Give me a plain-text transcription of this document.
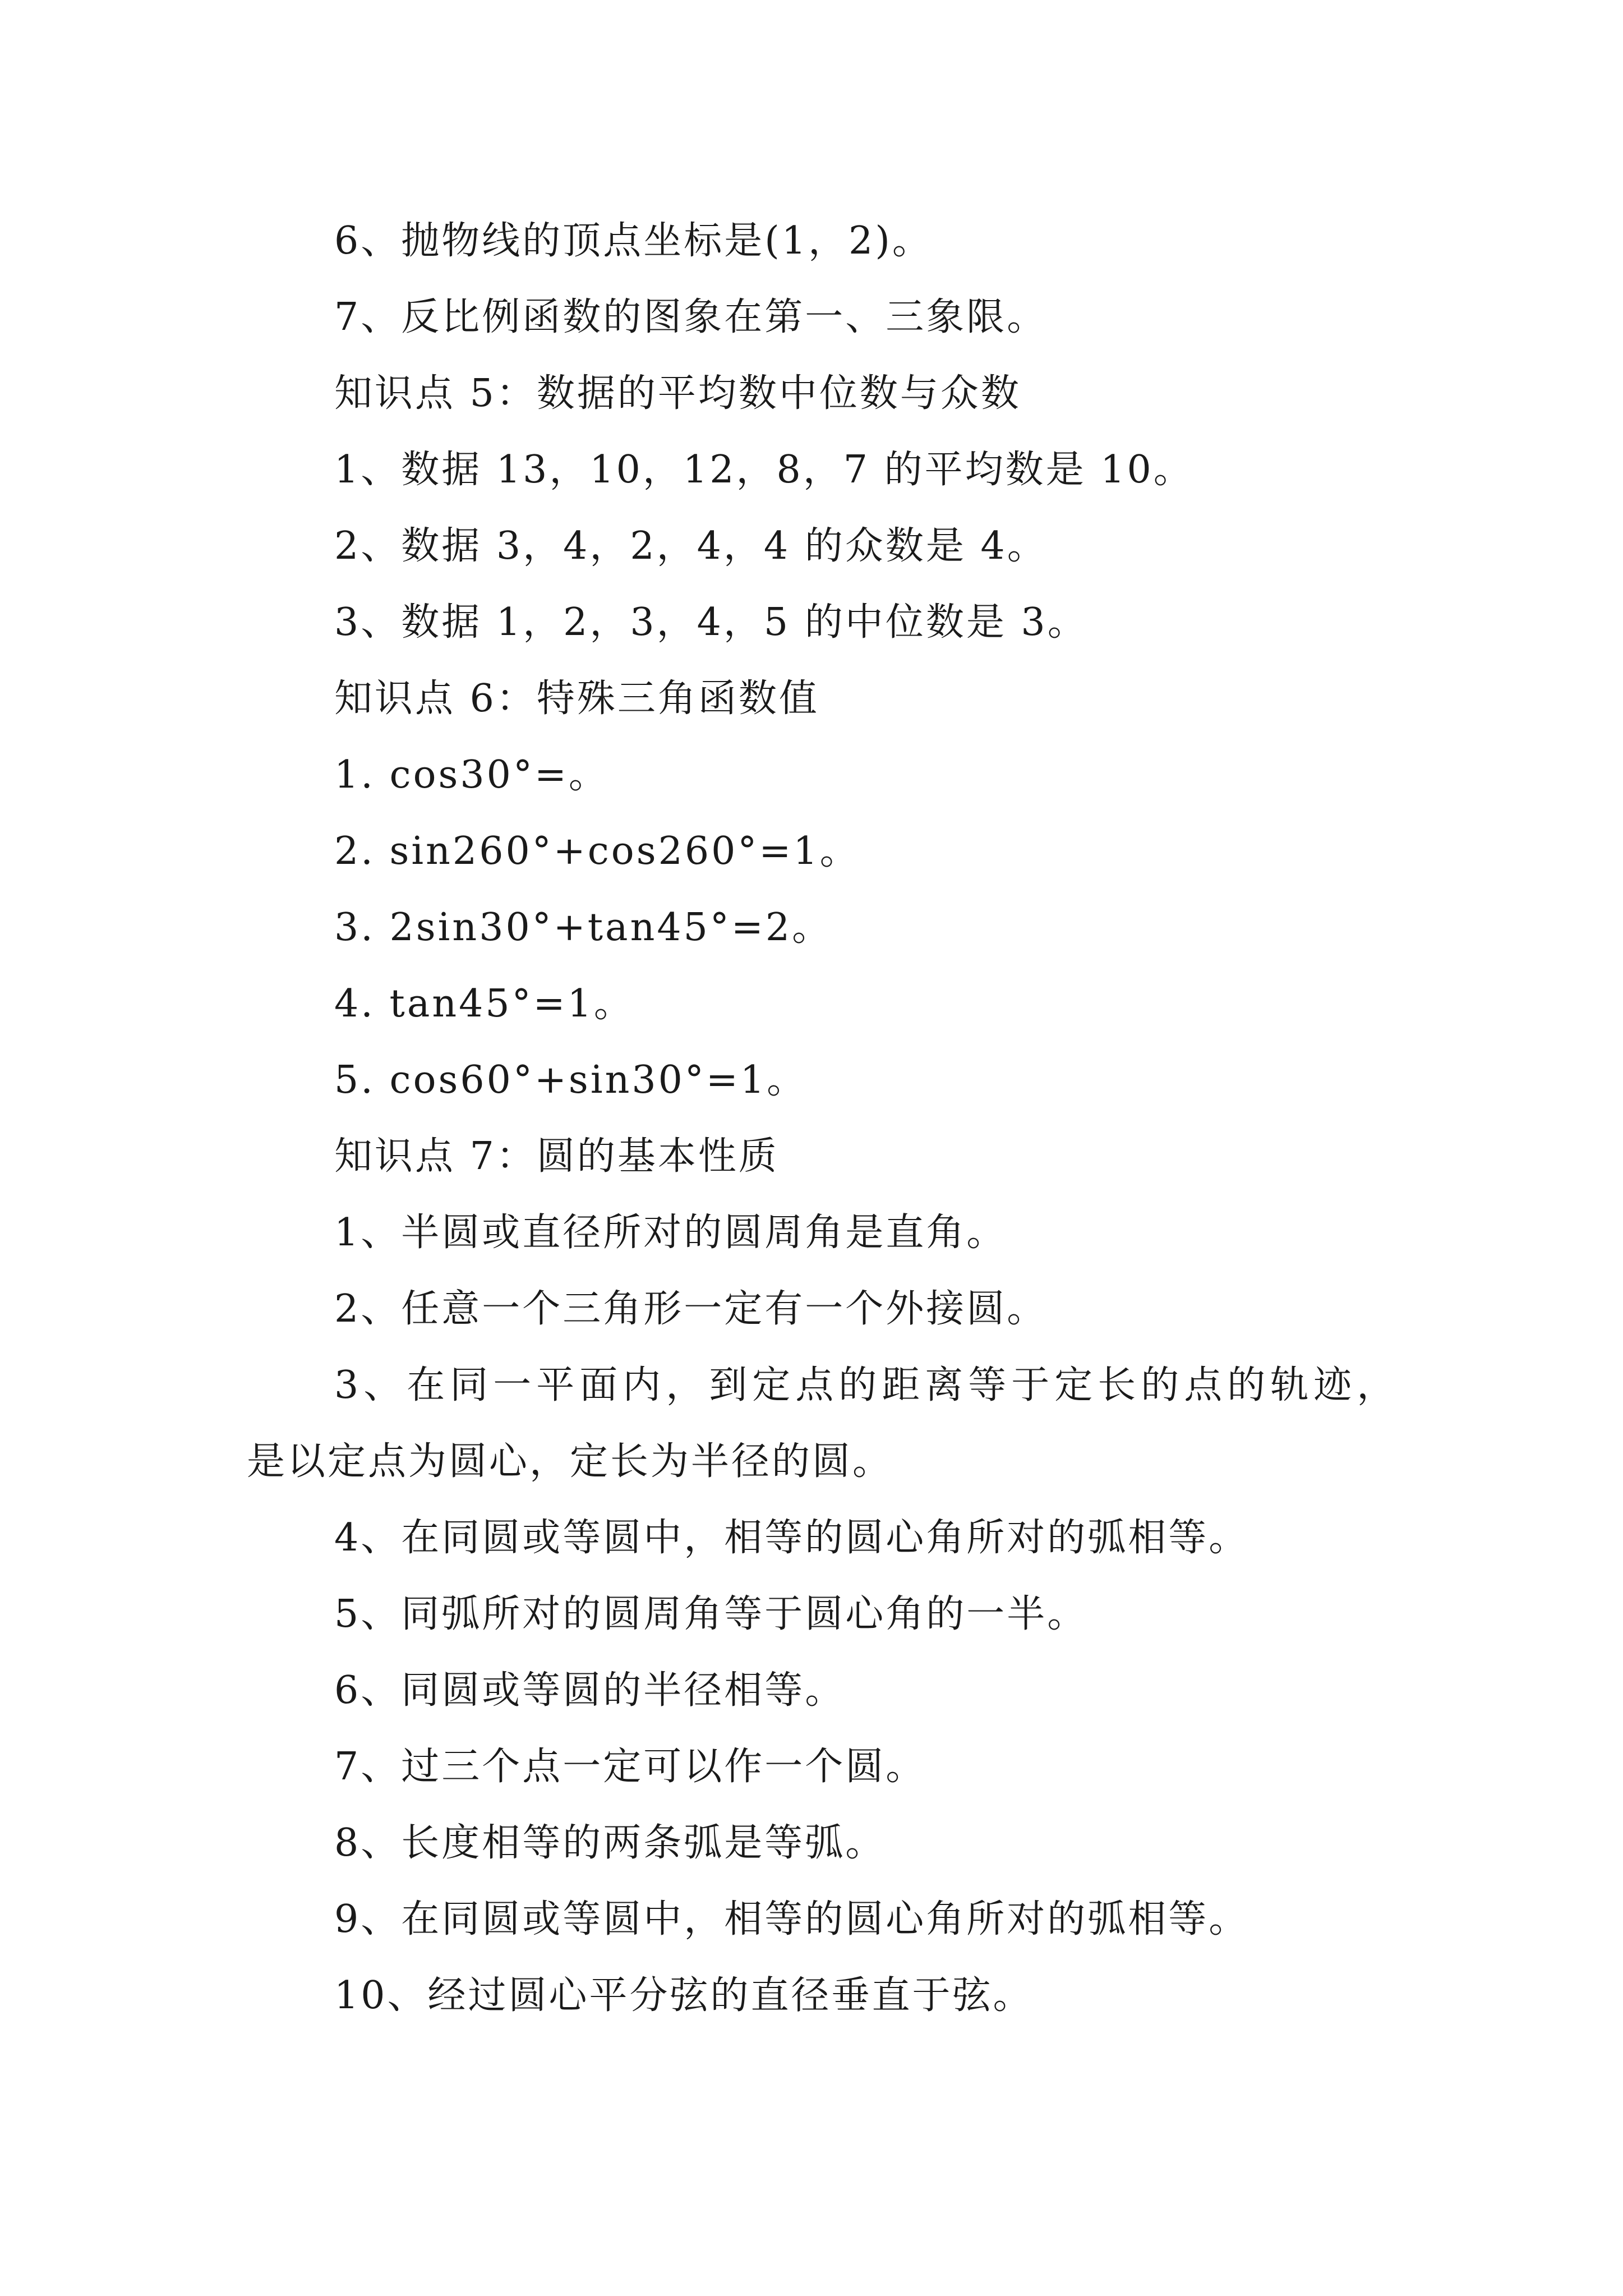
6、抛物线的顶点坐标是(1，2)。
7、反比例函数的图象在第一、三象限。
知识点 5：数据的平均数中位数与众数
1、数据 13，10，12，8，7 的平均数是 10。
2、数据 3，4，2，4，4 的众数是 4。
3、数据 1，2，3，4，5 的中位数是 3。
知识点 6：特殊三角函数值
1. cos30°=。
2. sin260°+cos260°=1。
3. 2sin30°+tan45°=2。
4. tan45°=1。
5. cos60°+sin30°=1。
知识点 7：圆的基本性质
1、半圆或直径所对的圆周角是直角。
2、任意一个三角形一定有一个外接圆。
3、在同一平面内，到定点的距离等于定长的点的轨迹，
是以定点为圆心，定长为半径的圆。
4、在同圆或等圆中，相等的圆心角所对的弧相等。
5、同弧所对的圆周角等于圆心角的一半。
6、同圆或等圆的半径相等。
7、过三个点一定可以作一个圆。
8、长度相等的两条弧是等弧。
9、在同圆或等圆中，相等的圆心角所对的弧相等。
10、经过圆心平分弦的直径垂直于弦。
